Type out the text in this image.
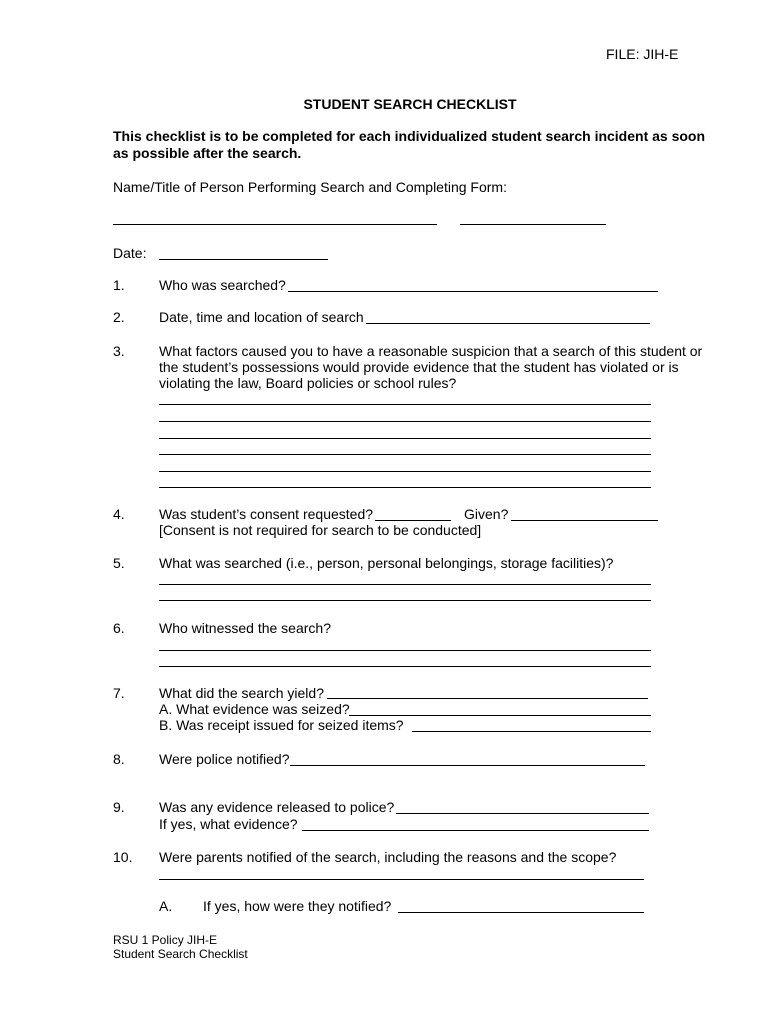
FILE: JIH-E
STUDENT SEARCH CHECKLIST
This checklist is to be completed for each individualized student search incident as soon
as possible after the search.
Name/Title of Person Performing Search and Completing Form:
Date:
1. Who was searched?
2. Date, time and location of search
3. What factors caused you to have a reasonable suspicion that a search of this student or
the student’s possessions would provide evidence that the student has violated or is
violating the law, Board policies or school rules?
4. Was student’s consent requested?	Given?
[Consent is not required for search to be conducted]
5. What was searched (i.e., person, personal belongings, storage facilities)?
6. Who witnessed the search?
7. What did the search yield?
A. What evidence was seized?
B. Was receipt issued for seized items?
8. Were police notified?
9. Was any evidence released to police?
If yes, what evidence?
10. Were parents notified of the search, including the reasons and the scope?
A. If yes, how were they notified?
RSU 1 Policy JIH-E
Student Search Checklist
